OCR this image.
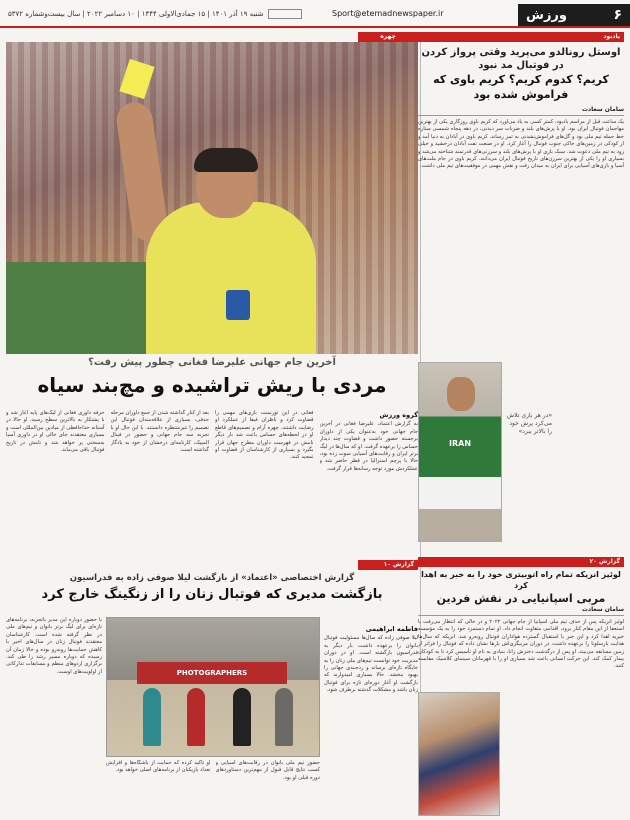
۶
ورزش
Sport@etemadnewspaper.ir
شنبه ۱۹ آذر ۱۴۰۱ | ۱۵ جمادی‌الاولی ۱۴۴۴ | ۱۰ دسامبر ۲۰۲۲ | سال بیست‌وشماره ۵۳۷۲
چهره
آخرین جام جهانی علیرضا فغانی چطور پیش رفت؟
مردی با ریش تراشیده و مچ‌بند سیاه
گروه ورزش

به گزارش اعتماد، علیرضا فغانی در آخرین جام جهانی خود به‌عنوان یکی از داوران برجسته حضور داشت و قضاوت چند دیدار حساس را برعهده گرفت. او که سال‌ها در لیگ برتر ایران و رقابت‌های آسیایی سوت زده بود، حالا با پرچم استرالیا در قطر حاضر شد و عملکردش مورد توجه رسانه‌ها قرار گرفت.

فغانی در این تورنمنت بازی‌های مهمی را قضاوت کرد و ناظران فیفا از عملکرد او رضایت داشتند. چهره آرام و تصمیم‌های قاطع او در لحظه‌های حساس باعث شد بار دیگر نامش در فهرست داوران مطرح جهان قرار بگیرد و بسیاری از کارشناسان از قضاوت او تمجید کنند.

بعد از کنار گذاشته شدن از جمع داوران مرحله حذفی، بسیاری از علاقه‌مندان فوتبال این تصمیم را غیرمنتظره دانستند. با این حال او با تجربه سه جام جهانی و حضور در فینال المپیک، کارنامه‌ای درخشان از خود به یادگار گذاشته است.

حرفه داوری فغانی از لیگ‌های پایه آغاز شد و با پشتکار به بالاترین سطح رسید. او حالا در آستانه خداحافظی از میادین بین‌المللی است و بسیاری معتقدند جای خالی او در داوری آسیا به‌سختی پر خواهد شد و نامش در تاریخ فوتبال باقی می‌ماند.

گزارش ۱۰
گزارش اختصاصی «اعتماد» از بازگشت لیلا صوفی زاده به فدراسیون
بازگشت مدیری که فوتبال زنان را از زنگینگ خارج کرد
فاطمه ابراهیمی

لیلا صوفی زاده که سال‌ها مسئولیت فوتبال بانوان را برعهده داشت، بار دیگر به فدراسیون بازگشته است. او در دوران مدیریت خود توانست تیم‌های ملی زنان را به جایگاه تازه‌ای برساند و رده‌بندی جهانی را بهبود ببخشد. حالا بسیاری امیدوارند که بازگشت او آغاز دوره‌ای تازه برای فوتبال زنان باشد و مشکلات گذشته برطرف شود.

PHOTOGRAPHERS

با حضور دوباره این مدیر باتجربه، برنامه‌های تازه‌ای برای لیگ برتر بانوان و تیم‌های ملی در نظر گرفته شده است. کارشناسان معتقدند فوتبال زنان در سال‌های اخیر با کاهش حمایت‌ها روبه‌رو بوده و حالا زمان آن رسیده که دوباره مسیر رشد را طی کند. برگزاری اردوهای منظم و مسابقات تدارکاتی از اولویت‌های اوست.

حضور تیم ملی بانوان در رقابت‌های آسیایی و کسب نتایج قابل قبول از مهم‌ترین دستاوردهای دوره قبلی او بود.

او تأکید کرده که حمایت از باشگاه‌ها و افزایش تعداد بازیکنان از برنامه‌های اصلی خواهد بود.

یادبود
اوستل رونالدو می‌پرید وقتی پرواز کردن در فوتبال مد نبود
کریم؟ کدوم کریم؟ کریم باوی که فراموش شده بود
سامان سعادت

یک ساعت قبل از مراسم یادبود، کمتر کسی به یاد می‌آورد که کریم باوی روزگاری یکی از بهترین مهاجمان فوتبال ایران بود. او با پرش‌های بلند و ضربات سر دیدنی، در دهه پنجاه شمسی ستاره خط حمله تیم ملی بود و گل‌های فراموش‌نشدنی به ثمر رساند. کریم باوی در آبادان به دنیا آمد و از کودکی در زمین‌های خاکی جنوب فوتبال را آغاز کرد. او در صنعت نفت آبادان درخشید و خیلی زود به تیم ملی دعوت شد. سبک بازی او با پرش‌های بلند و سرزنی‌های قدرتمند شناخته می‌شد و بسیاری او را یکی از بهترین سرزن‌های تاریخ فوتبال ایران می‌دانند. کریم باوی در جام ملت‌های آسیا و بازی‌های آسیایی برای ایران به میدان رفت و نقش مهمی در موفقیت‌های تیم ملی داشت.

IRAN
«در هر بازی تلاش می‌کرد پرش خود را بالاتر ببرد»
گزارش ۲۰
لوئیز انریکه تمام راه اتوبیتری خود را به خبر به اهدا کرد
مربی اسپانیایی در نقش فردین
سامان سعادت

لوئیز انریکه پس از حذف تیم ملی اسپانیا از جام جهانی ۲۰۲۲ و در حالی که انتظار می‌رفت با استعفا از این مقام کنار برود، اقدامی متفاوت انجام داد. او تمام دستمزد خود را به یک مؤسسه خیریه اهدا کرد و این خبر با استقبال گسترده هواداران فوتبال روبه‌رو شد. انریکه که سال‌ها هدایت بارسلونا را برعهده داشت، در دوران مربیگری‌اش بارها نشان داده که فوتبال را فراتر از زمین مسابقه می‌بیند. او پس از درگذشت دخترش زانا، بنیادی به نام او تأسیس کرد تا به کودکان بیمار کمک کند. این حرکت انسانی باعث شد بسیاری او را با قهرمانان سینمای کلاسیک مقایسه کنند.
